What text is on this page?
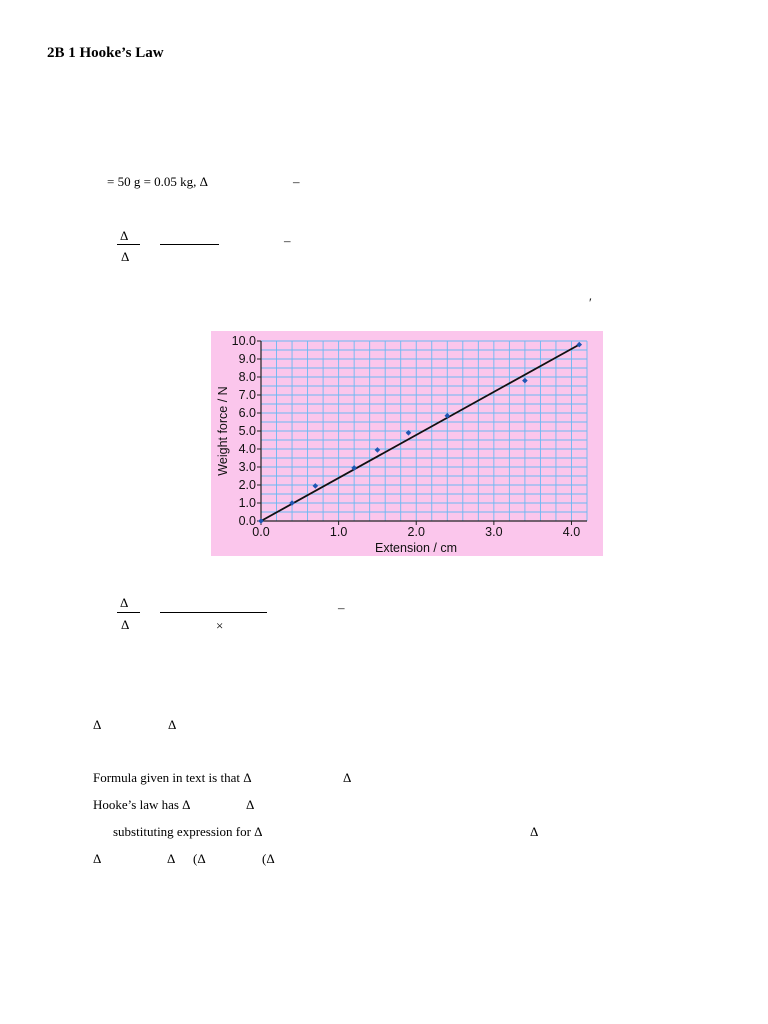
2B 1 Hooke’s Law
= 50 g = 0.05 kg, Δ	–
Δ
Δ
–
′
0.0
1.0
2.0
3.0
4.0
5.0
6.0
7.0
8.0
9.0
10.0
0.0	1.0	2.0	3.0	4.0
Extension / cm
Weight force / N
Δ
Δ
–
×
Δ	Δ
Formula given in text is that Δ	Δ
Hooke’s law has Δ	Δ
substituting expression for Δ	Δ
Δ	Δ (Δ	(Δ
